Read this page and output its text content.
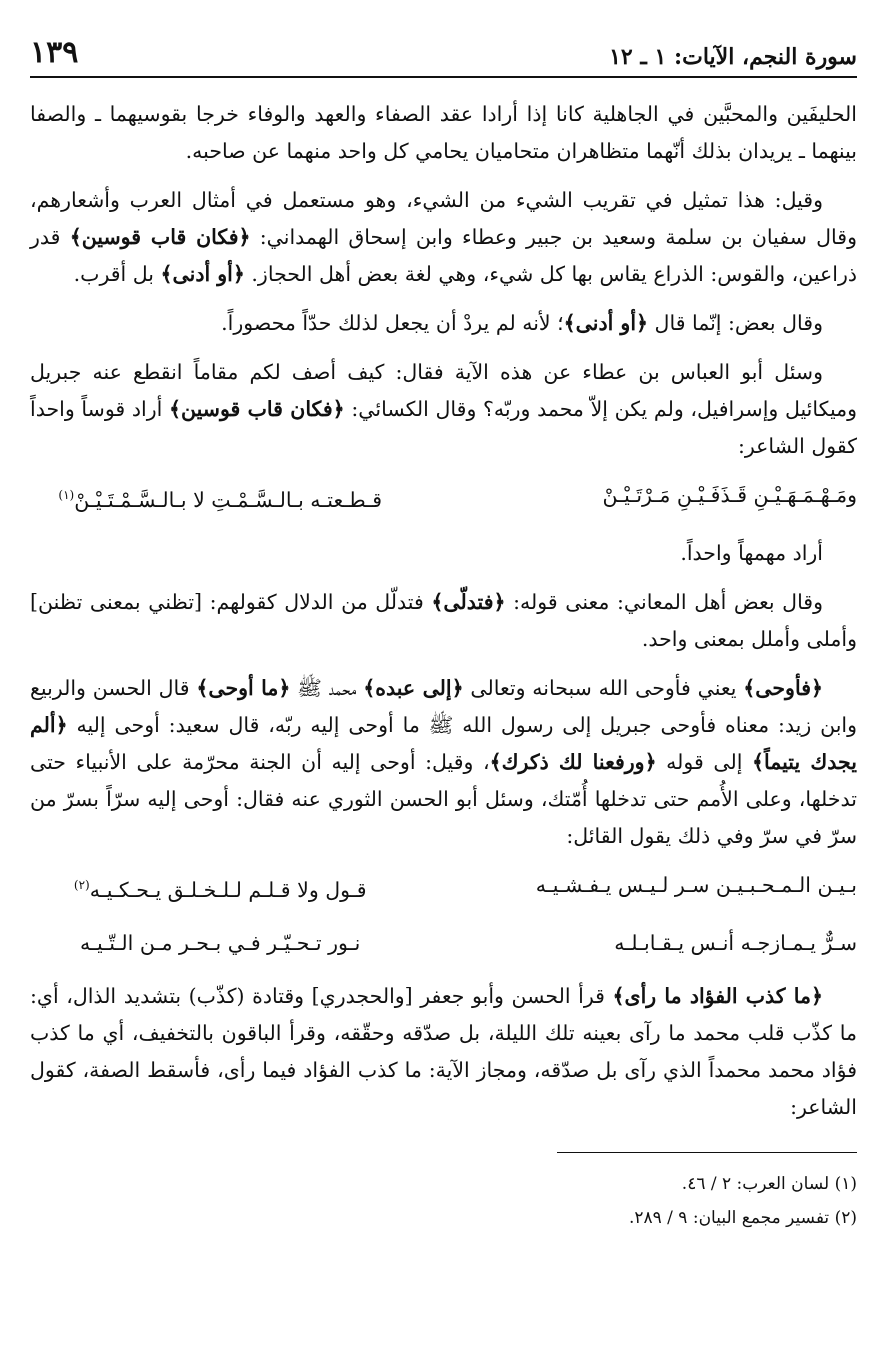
سورة النجم، الآيات: ١ ـ ١٢
١٣٩

الحليفَين والمحبَّين في الجاهلية كانا إذا أرادا عقد الصفاء والعهد والوفاء خرجا بقوسيهما ـ والصفا بينهما ـ يريدان بذلك أنّهما متظاهران متحاميان يحامي كل واحد منهما عن صاحبه.

وقيل: هذا تمثيل في تقريب الشيء من الشيء، وهو مستعمل في أمثال العرب وأشعارهم، وقال سفيان بن سلمة وسعيد بن جبير وعطاء وابن إسحاق الهمداني: ﴿فكان قاب قوسين﴾ قدر ذراعين، والقوس: الذراع يقاس بها كل شيء، وهي لغة بعض أهل الحجاز. ﴿أو أدنى﴾ بل أقرب.

وقال بعض: إنّما قال ﴿أو أدنى﴾؛ لأنه لم يردْ أن يجعل لذلك حدّاً محصوراً.

وسئل أبو العباس بن عطاء عن هذه الآية فقال: كيف أصف لكم مقاماً انقطع عنه جبريل وميكائيل وإسرافيل، ولم يكن إلاّ محمد وربّه؟ وقال الكسائي: ﴿فكان قاب قوسين﴾ أراد قوساً واحداً كقول الشاعر:

ومَـهْـمَـهَـيْـنِ قَـذَفَـيْـنِ مَـرْتَـيْـنْ
قـطـعتـه بـالـسَّـمْـتِ لا بـالـسَّـمْـتَـيْـنْ$^{(١)}$

أراد مهمهاً واحداً.

وقال بعض أهل المعاني: معنى قوله: ﴿فتدلّى﴾ فتدلّل من الدلال كقولهم: [تظني بمعنى تظنن] وأملى وأملل بمعنى واحد.

﴿فأوحى﴾ يعني فأوحى الله سبحانه وتعالى ﴿إلى عبده﴾ محمد ﷺ ﴿ما أوحى﴾ قال الحسن والربيع وابن زيد: معناه فأوحى جبريل إلى رسول الله ﷺ ما أوحى إليه ربّه، قال سعيد: أوحى إليه ﴿ألم يجدك يتيماً﴾ إلى قوله ﴿ورفعنا لك ذكرك﴾، وقيل: أوحى إليه أن الجنة محرّمة على الأنبياء حتى تدخلها، وعلى الأُمم حتى تدخلها أُمّتك، وسئل أبو الحسن الثوري عنه فقال: أوحى إليه سرّاً بسرّ من سرّ في سرّ وفي ذلك يقول القائل:

بـيـن الـمـحـبـيـن سـر لـيـس يـفـشـيـه
قـول ولا قـلـم لـلـخـلـق يـحـكـيـه$^{(٢)}$
سـرٌّ يـمـازجـه أنـس يـقـابـلـه
نـور تـحـيّـر فـي بـحـر مـن الـتّـيـه

﴿ما كذب الفؤاد ما رأى﴾ قرأ الحسن وأبو جعفر [والحجدري] وقتادة (كذّب) بتشديد الذال، أي: ما كذّب قلب محمد ما رآى بعينه تلك الليلة، بل صدّقه وحقّقه، وقرأ الباقون بالتخفيف، أي ما كذب فؤاد محمد محمداً الذي رآى بل صدّقه، ومجاز الآية: ما كذب الفؤاد فيما رأى، فأسقط الصفة، كقول الشاعر:

(١) لسان العرب: ٢ / ٤٦.

(٢) تفسير مجمع البيان: ٩ / ٢٨٩.
